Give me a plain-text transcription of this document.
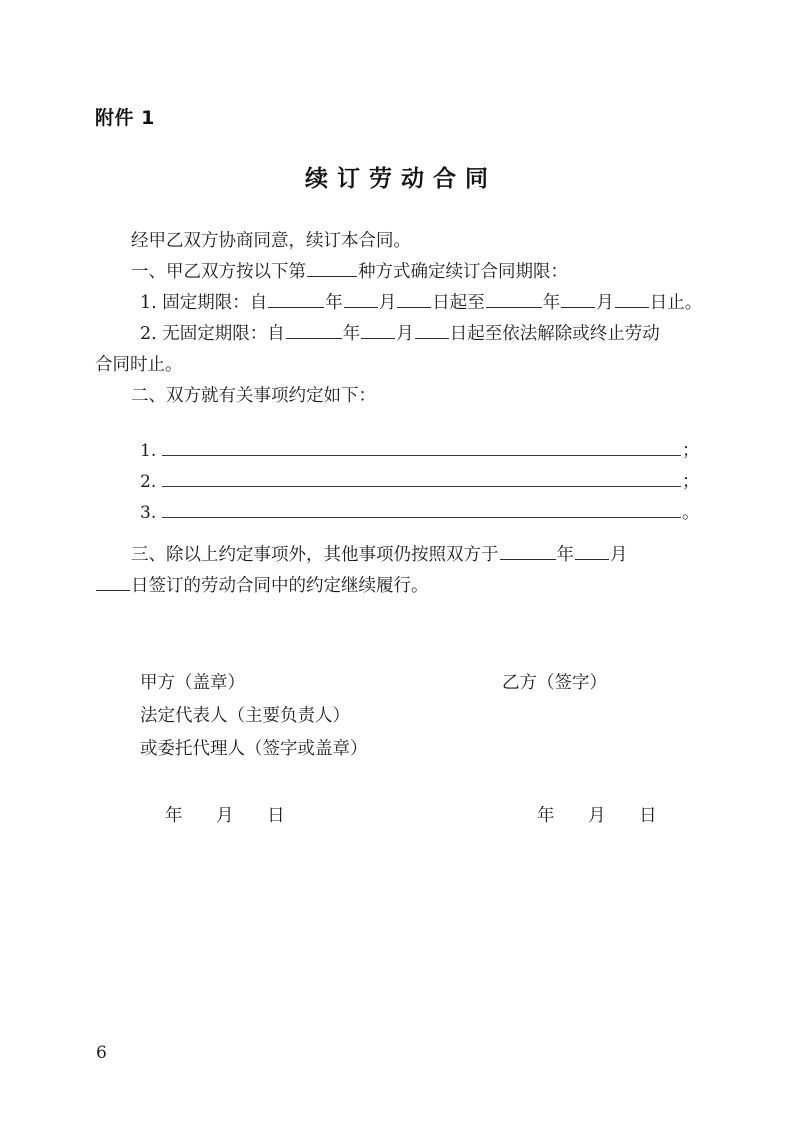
附件 1
续订劳动合同

经甲乙双方协商同意，续订本合同。

一、甲乙双方按以下第	种方式确定续订合同期限：

1. 固定期限：自	年 月 日起至	年 月 日止。

2. 无固定期限：自	年 月 日起至依法解除或终止劳动

合同时止。

二、双方就有关事项约定如下：

1.	；
2.	；
3.	。

三、除以上约定事项外，其他事项仍按照双方于	年 月

日签订的劳动合同中的约定继续履行。

甲方（盖章）	乙方（签字）
法定代表人（主要负责人）
或委托代理人（签字或盖章）
年 月 日	年 月 日
6
